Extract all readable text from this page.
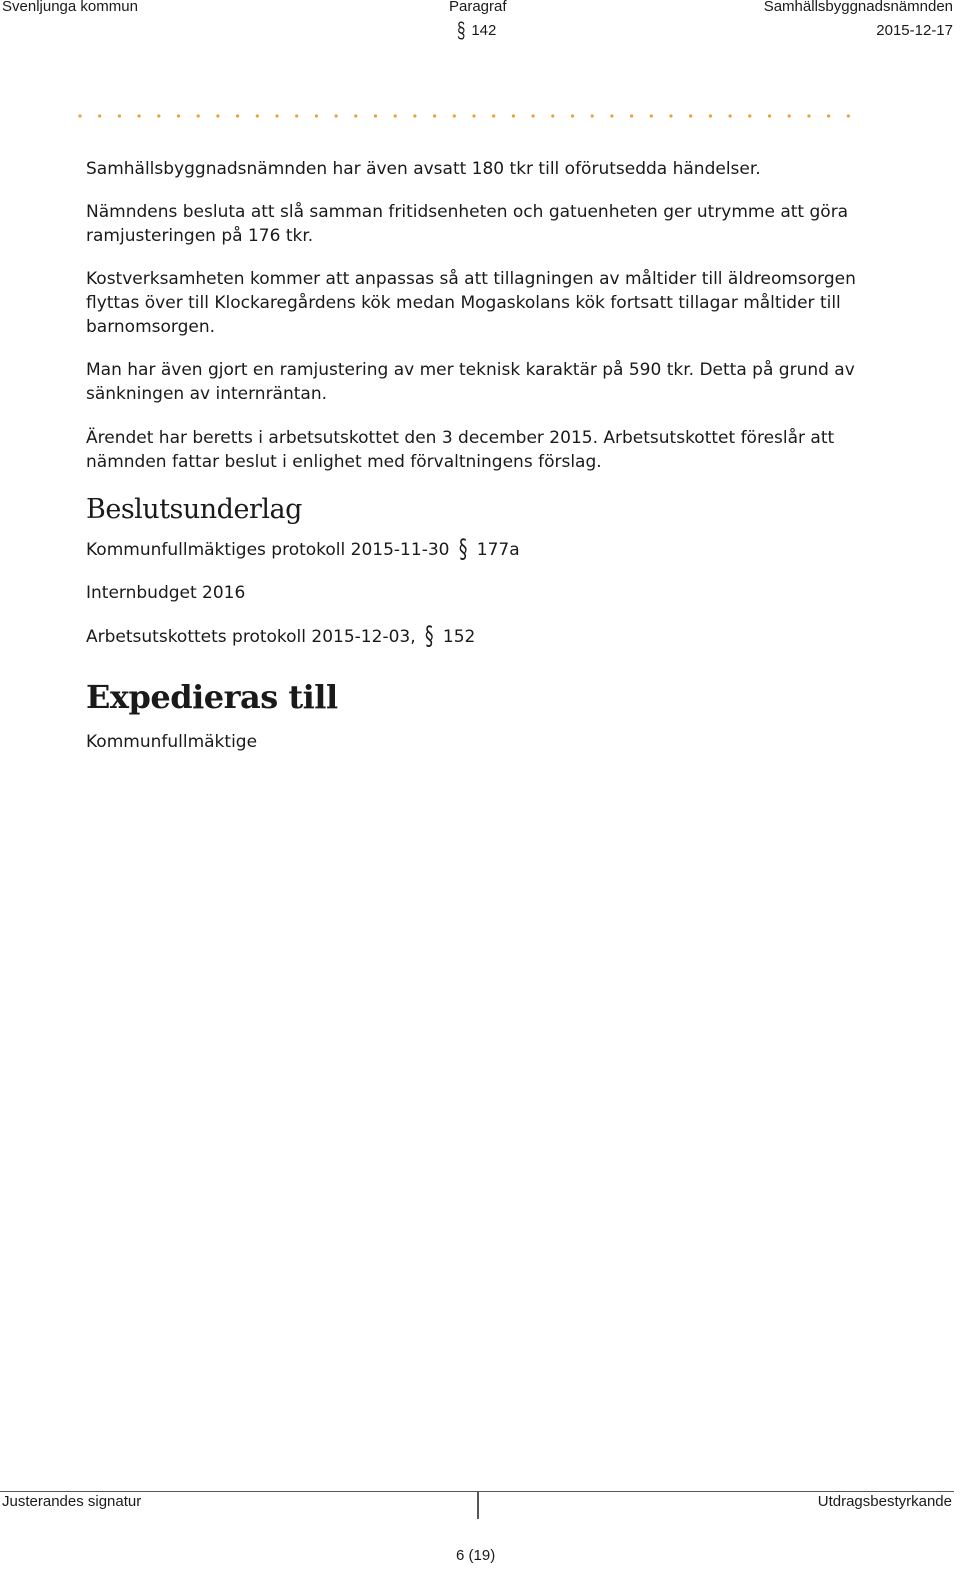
Svenljunga kommun	Paragraf	Samhällsbyggnadsnämnden
§ 142	2015-12-17

Samhällsbyggnadsnämnden har även avsatt 180 tkr till oförutsedda händelser.

Nämndens besluta att slå samman fritidsenheten och gatuenheten ger utrymme att göra ramjusteringen på 176 tkr.

Kostverksamheten kommer att anpassas så att tillagningen av måltider till äldreomsorgen flyttas över till Klockaregårdens kök medan Mogaskolans kök fortsatt tillagar måltider till barnomsorgen.

Man har även gjort en ramjustering av mer teknisk karaktär på 590 tkr. Detta på grund av sänkningen av internräntan.

Ärendet har beretts i arbetsutskottet den 3 december 2015. Arbetsutskottet föreslår att nämnden fattar beslut i enlighet med förvaltningens förslag.

Beslutsunderlag
Kommunfullmäktiges protokoll 2015-11-30 § 177a
Internbudget 2016
Arbetsutskottets protokoll 2015-12-03, § 152
Expedieras till
Kommunfullmäktige
Justerandes signatur	Utdragsbestyrkande
6 (19)
